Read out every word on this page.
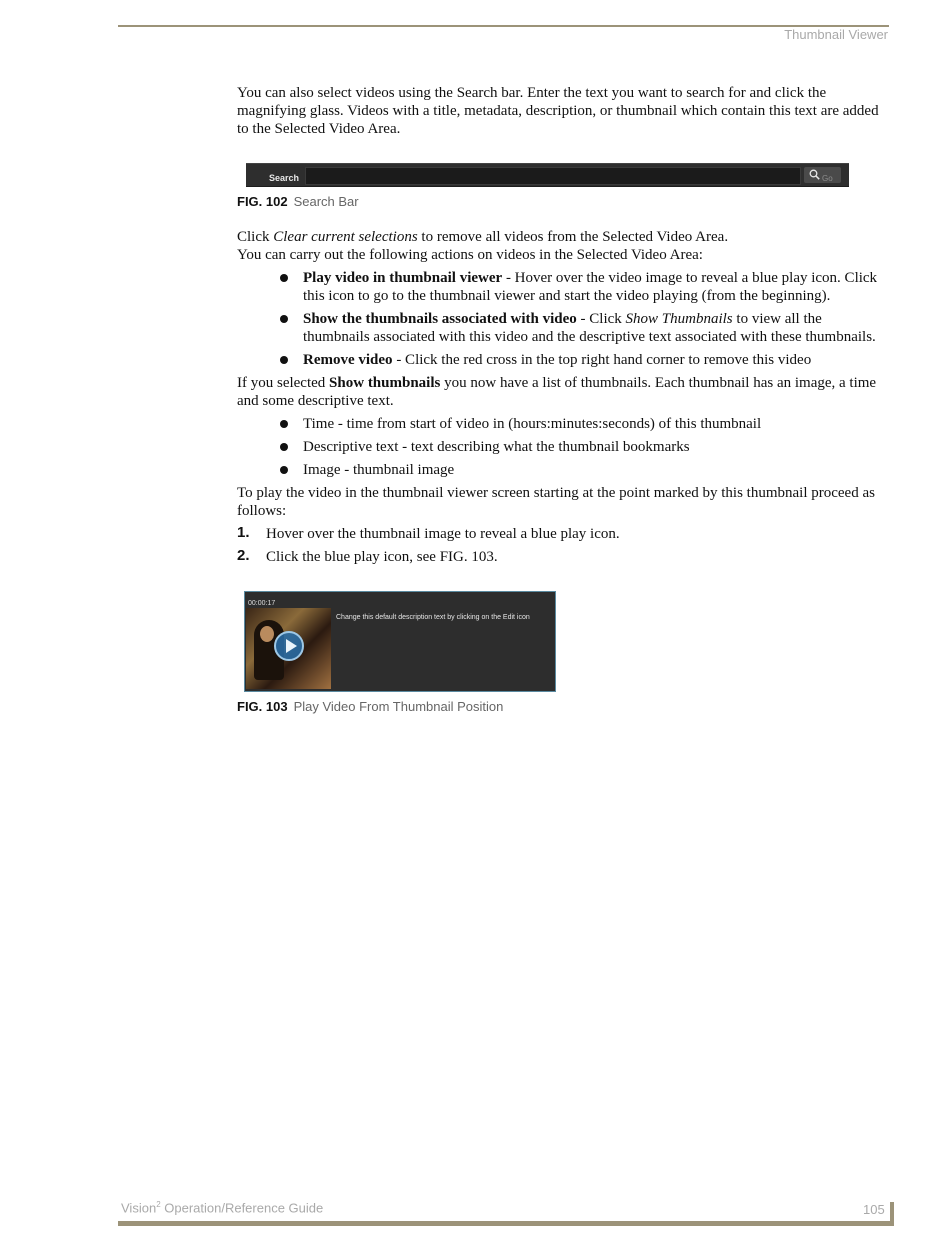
Thumbnail Viewer

You can also select videos using the Search bar. Enter the text you want to search for and click the magnifying glass. Videos with a title, metadata, description, or thumbnail which contain this text are added to the Selected Video Area.

Search	Go
FIG. 102 Search Bar

Click Clear current selections to remove all videos from the Selected Video Area.

You can carry out the following actions on videos in the Selected Video Area:

Play video in thumbnail viewer - Hover over the video image to reveal a blue play icon. Click this icon to go to the thumbnail viewer and start the video playing (from the beginning).
Show the thumbnails associated with video - Click Show Thumbnails to view all the thumbnails associated with this video and the descriptive text associated with these thumbnails.
Remove video - Click the red cross in the top right hand corner to remove this video

If you selected Show thumbnails you now have a list of thumbnails. Each thumbnail has an image, a time and some descriptive text.

Time - time from start of video in (hours:minutes:seconds) of this thumbnail
Descriptive text - text describing what the thumbnail bookmarks
Image - thumbnail image

To play the video in the thumbnail viewer screen starting at the point marked by this thumbnail proceed as follows:

1. Hover over the thumbnail image to reveal a blue play icon.
2. Click the blue play icon, see FIG. 103.
00:00:17
Change this default description text by clicking on the Edit icon
FIG. 103 Play Video From Thumbnail Position
Vision$^2$ Operation/Reference Guide	105
